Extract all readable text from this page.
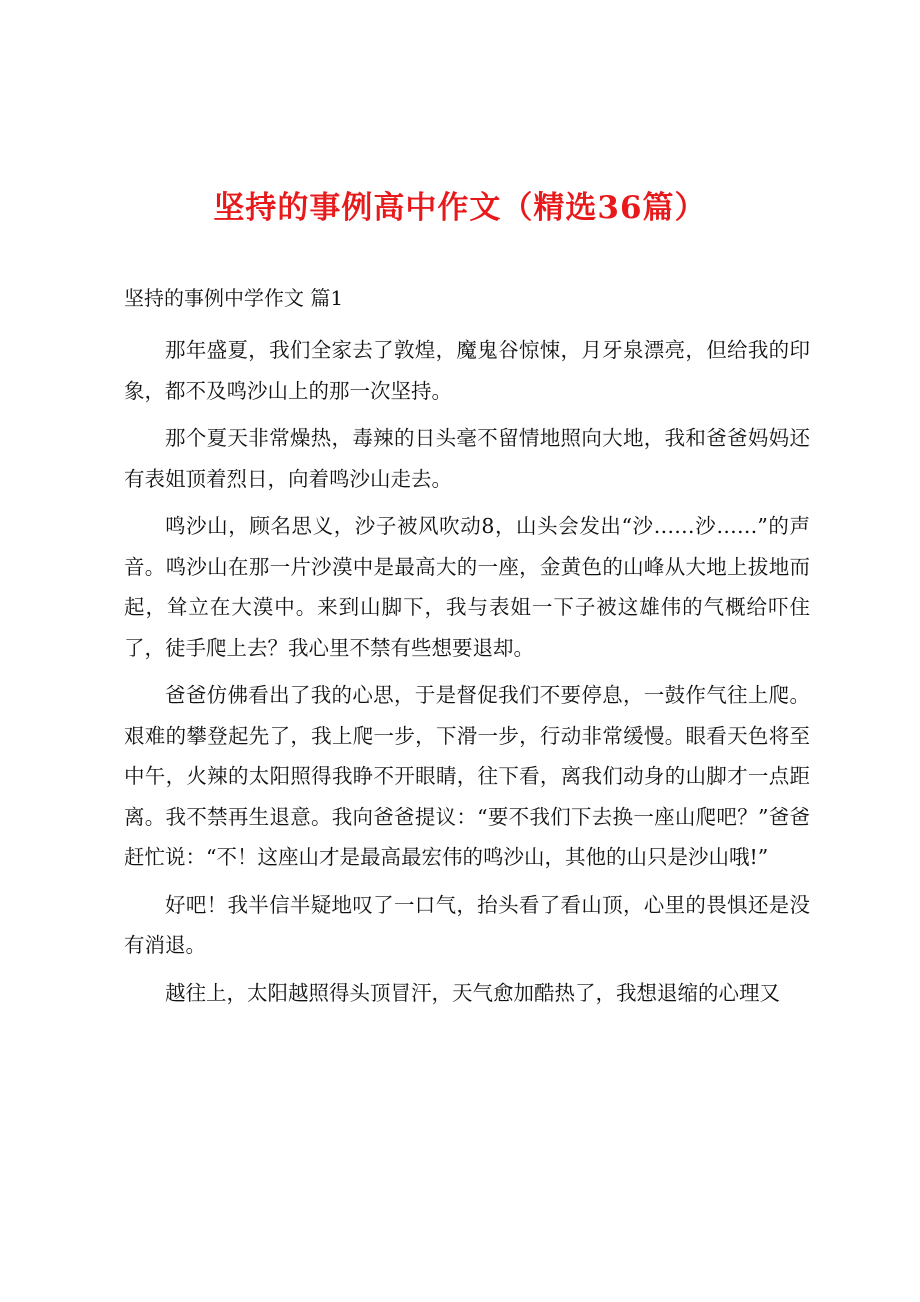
坚持的事例高中作文（精选36篇）
坚持的事例中学作文 篇1

那年盛夏，我们全家去了敦煌，魔鬼谷惊悚，月牙泉漂亮，但给我的印象，都不及鸣沙山上的那一次坚持。

那个夏天非常燥热，毒辣的日头毫不留情地照向大地，我和爸爸妈妈还有表姐顶着烈日，向着鸣沙山走去。

鸣沙山，顾名思义，沙子被风吹动8，山头会发出“沙……沙……”的声音。鸣沙山在那一片沙漠中是最高大的一座，金黄色的山峰从大地上拔地而起，耸立在大漠中。来到山脚下，我与表姐一下子被这雄伟的气概给吓住了，徒手爬上去？我心里不禁有些想要退却。

爸爸仿佛看出了我的心思，于是督促我们不要停息，一鼓作气往上爬。艰难的攀登起先了，我上爬一步，下滑一步，行动非常缓慢。眼看天色将至中午，火辣的太阳照得我睁不开眼睛，往下看，离我们动身的山脚才一点距离。我不禁再生退意。我向爸爸提议：“要不我们下去换一座山爬吧？”爸爸赶忙说：“不！这座山才是最高最宏伟的鸣沙山，其他的山只是沙山哦!”

好吧！我半信半疑地叹了一口气，抬头看了看山顶，心里的畏惧还是没有消退。

越往上，太阳越照得头顶冒汗，天气愈加酷热了，我想退缩的心理又
